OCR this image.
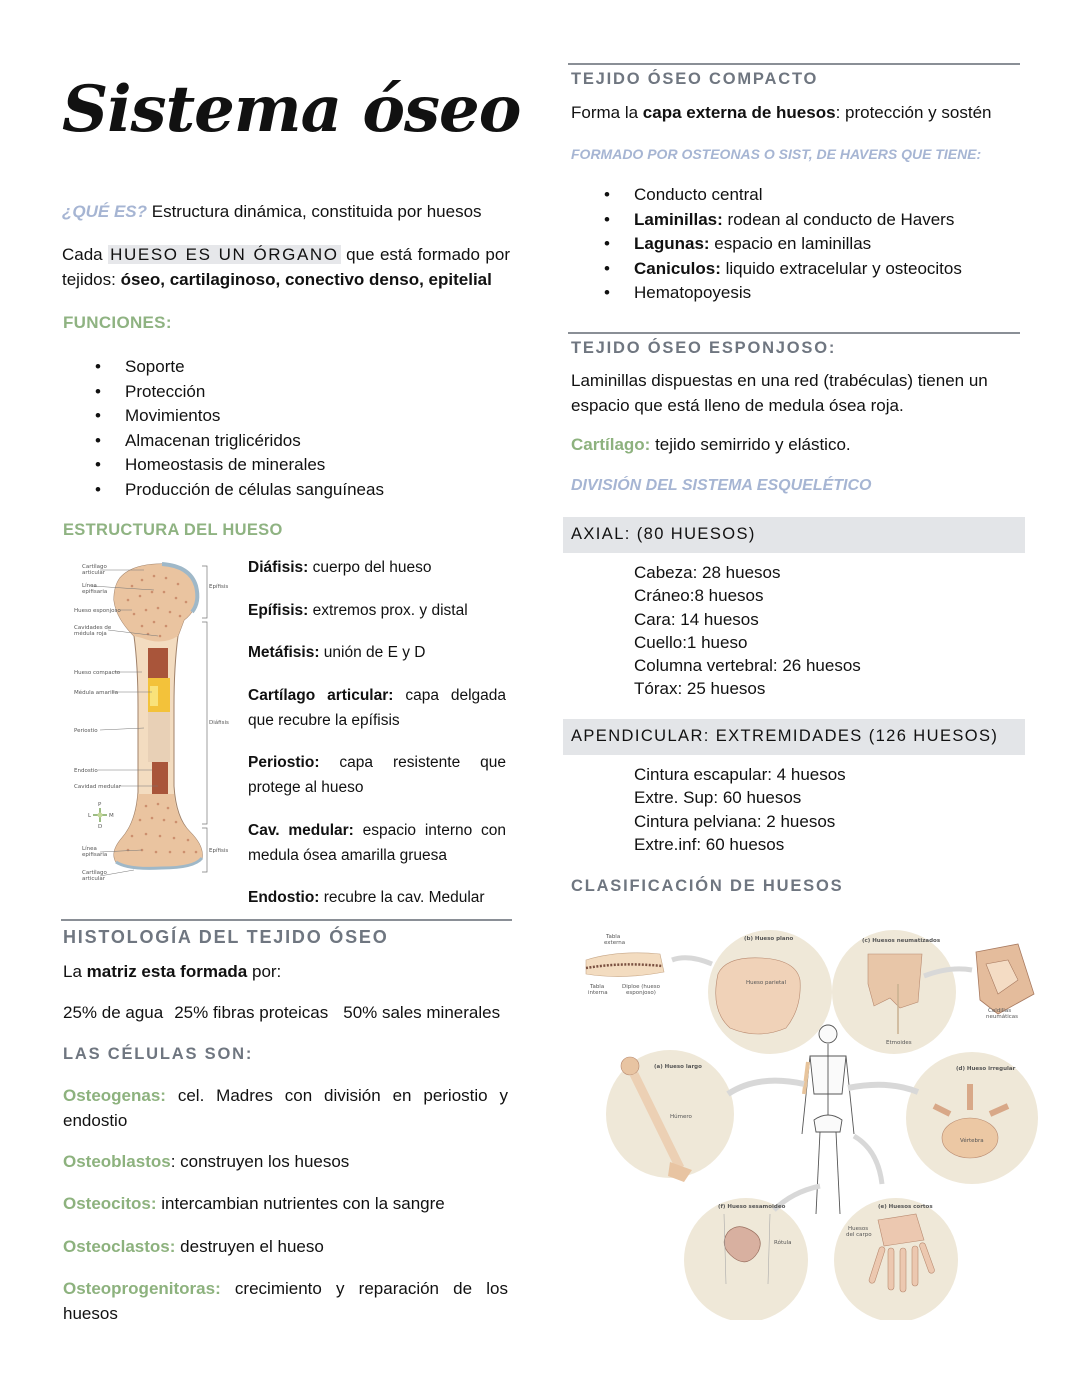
Sistema óseo
¿QUÉ ES? Estructura dinámica, constituida por huesos
Cada HUESO ES UN ÓRGANO que está formado por tejidos: óseo, cartilaginoso, conectivo denso, epitelial
FUNCIONES:
• Soporte
• Protección
• Movimientos
• Almacenan triglicéridos
• Homeostasis de minerales
• Producción de células sanguíneas
ESTRUCTURA DEL HUESO
Cartílago
articular
Línea
epifisaria
Hueso esponjoso
Cavidades de
médula roja
Hueso compacto
Médula amarilla
Periostio
Endostio
Cavidad medular
Línea
epifisaria
Cartílago
articular
Epífisis
Diáfisis
Epífisis
P
L	M
D
Diáfisis: cuerpo del hueso
Epífisis: extremos prox. y distal
Metáfisis: unión de E y D
Cartílago articular: capa delgada que recubre la epífisis
Periostio: capa resistente que protege al hueso
Cav. medular: espacio interno con medula ósea amarilla gruesa
Endostio: recubre la cav. Medular
HISTOLOGÍA DEL TEJIDO ÓSEO
La matriz esta formada por:
25% de agua 25% fibras proteicas 50% sales minerales
LAS CÉLULAS SON:
Osteogenas: cel. Madres con división en periostio y endostio
Osteoblastos: construyen los huesos
Osteocitos: intercambian nutrientes con la sangre
Osteoclastos: destruyen el hueso
Osteoprogenitoras: crecimiento y reparación de los huesos
TEJIDO ÓSEO COMPACTO
Forma la capa externa de huesos: protección y sostén
FORMADO POR OSTEONAS O SIST, DE HAVERS QUE TIENE:
• Conducto central
• Laminillas: rodean al conducto de Havers
• Lagunas: espacio en laminillas
• Caniculos: liquido extracelular y osteocitos
• Hematopoyesis
TEJIDO ÓSEO ESPONJOSO:
Laminillas dispuestas en una red (trabéculas) tienen un espacio que está lleno de medula ósea roja.
Cartílago: tejido semirrido y elástico.
DIVISIÓN DEL SISTEMA ESQUELÉTICO
AXIAL: (80 HUESOS)
Cabeza: 28 huesos
Cráneo:8 huesos
Cara: 14 huesos
Cuello:1 hueso
Columna vertebral: 26 huesos
Tórax: 25 huesos
APENDICULAR: EXTREMIDADES (126 HUESOS)
Cintura escapular: 4 huesos
Extre. Sup: 60 huesos
Cintura pelviana: 2 huesos
Extre.inf: 60 huesos
CLASIFICACIÓN DE HUESOS
Tabla
externa
Tabla
interna
Diploe (hueso
esponjoso)
(b) Hueso plano
Hueso parietal
(c) Huesos neumatizados
Etmoides
Celdillas
neumáticas
(a) Hueso largo
Húmero
(d) Hueso irregular
Vértebra
(f) Hueso sesamoideo
Rótula
(e) Huesos cortos
Huesos
del carpo
